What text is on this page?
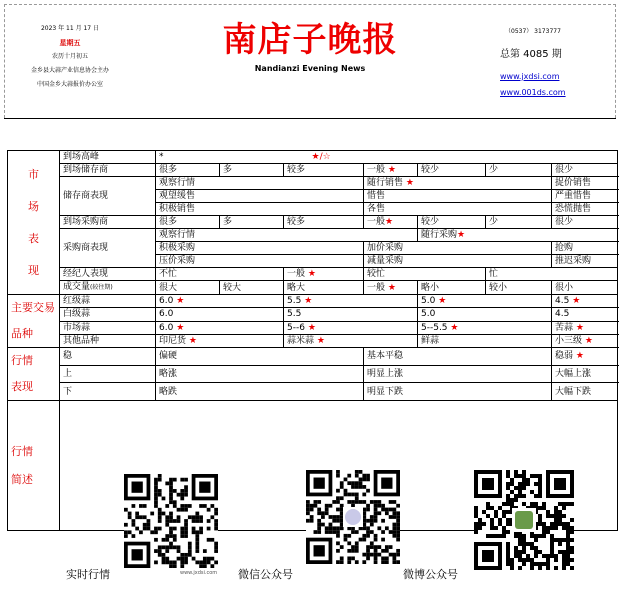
2023 年 11 月 17 日
星期五
农历十月初五
金乡县大蒜产业信息协会主办
中国金乡大蒜报价办公室
南店子晚报
Nandianzi Evening News
（0537） 3173777
总第 4085 期
www.jxdsi.com
www.001ds.com
市场表现	到场高峰	* ★/☆							
	到场储存商	很多	多	较多	一般 ★	较少	少	很少	
	储存商表现	观察行情			随行销售 ★			捉价销售	
		观望缓售			惜售			严重惜售	
		积极销售			各售			恐慌抛售	
	到场采购商	很多	多	较多	一般★	较少	少	很少	
	采购商表现	观察行情				随行采购★			
		积极采购			加价采购			抢购	
		压价采购			减量采购			推迟采购	
	经纪人表现	不忙		一般 ★	较忙		忙	
	成交量(较往期)	很大	较大	略大	一般 ★	略小	较小	很小	

主要交易品种	红级蒜	6.0 ★		5.5 ★		5.0 ★		4.5 ★	
	白级蒜	6.0		5.5		5.0		4.5	
	市场蒜	6.0 ★		5--6 ★		5--5.5 ★		苦蒜 ★	
	其他品种	印尼货 ★		蒜米蒜 ★		鲜蒜		小三级 ★	

行情表现	稳	偏硬			基本平稳			稳弱 ★	
	上	略涨			明显上涨			大幅上涨	
	下	略跌			明显下跌			大幅下跌	

行情简述									

实时行情	www.jxdsi.com 微信公众号	微博公众号
